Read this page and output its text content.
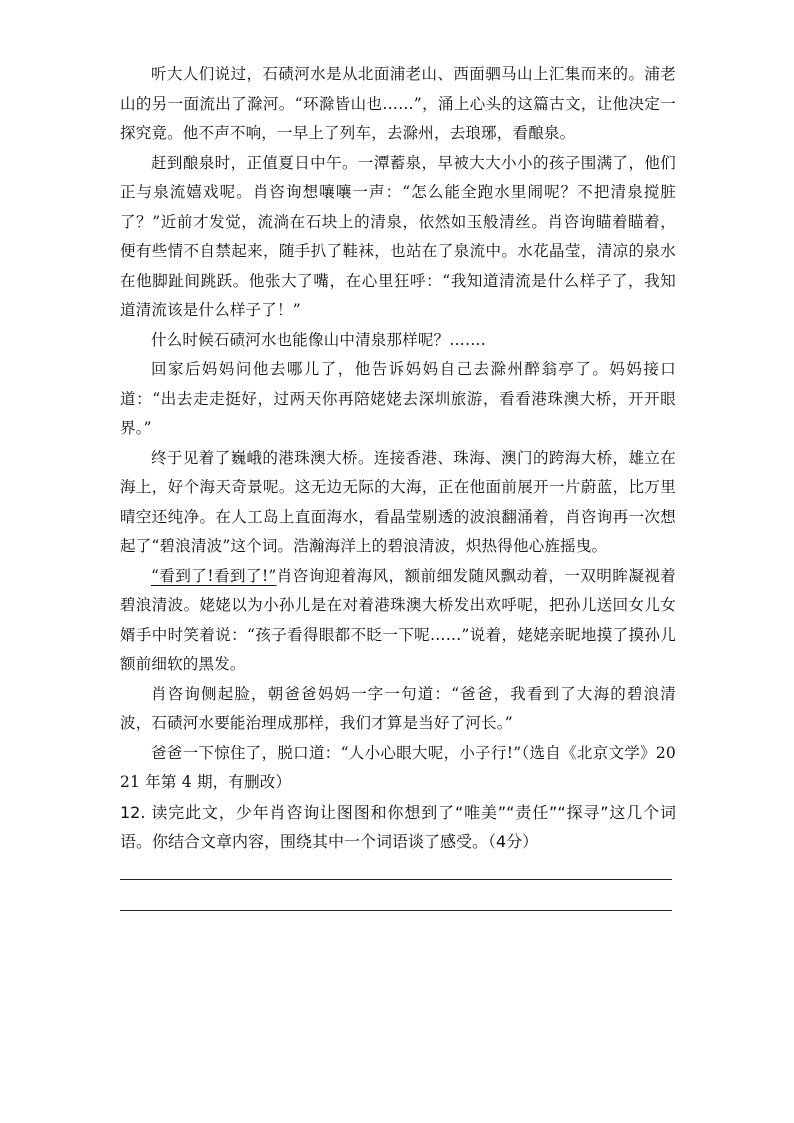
听大人们说过，石碛河水是从北面浦老山、西面驷马山上汇集而来的。浦老山的另一面流出了滁河。“环滁皆山也……”，涌上心头的这篇古文，让他决定一探究竟。他不声不响，一早上了列车，去滁州，去琅琊，看酿泉。

赶到酿泉时，正值夏日中午。一潭蓄泉，早被大大小小的孩子围满了，他们正与泉流嬉戏呢。肖咨询想嚷嚷一声：“怎么能全跑水里闹呢？不把清泉搅脏了？”近前才发觉，流淌在石块上的清泉，依然如玉般清丝。肖咨询瞄着瞄着，便有些情不自禁起来，随手扒了鞋袜，也站在了泉流中。水花晶莹，清凉的泉水在他脚趾间跳跃。他张大了嘴，在心里狂呼：“我知道清流是什么样子了，我知道清流该是什么样子了！”

什么时候石碛河水也能像山中清泉那样呢？…….

回家后妈妈问他去哪儿了，他告诉妈妈自己去滁州醉翁亭了。妈妈接口道：“出去走走挺好，过两天你再陪姥姥去深圳旅游，看看港珠澳大桥，开开眼界。”

终于见着了巍峨的港珠澳大桥。连接香港、珠海、澳门的跨海大桥，雄立在海上，好个海天奇景呢。这无边无际的大海，正在他面前展开一片蔚蓝，比万里晴空还纯净。在人工岛上直面海水，看晶莹剔透的波浪翻涌着，肖咨询再一次想起了“碧浪清波”这个词。浩瀚海洋上的碧浪清波，炽热得他心旌摇曳。

“看到了!看到了!”肖咨询迎着海风，额前细发随风飘动着，一双明眸凝视着碧浪清波。姥姥以为小孙儿是在对着港珠澳大桥发出欢呼呢，把孙儿送回女儿女婿手中时笑着说：“孩子看得眼都不眨一下呢……”说着，姥姥亲昵地摸了摸孙儿额前细软的黑发。

肖咨询侧起脸，朝爸爸妈妈一字一句道：“爸爸，我看到了大海的碧浪清波，石碛河水要能治理成那样，我们才算是当好了河长。”

爸爸一下惊住了，脱口道：“人小心眼大呢，小子行!”（选自《北京文学》2021 年第 4 期，有删改）

12. 读完此文，少年肖咨询让图图和你想到了“唯美”“责任”“探寻”这几个词语。你结合文章内容，围绕其中一个词语谈了感受。（4分）
